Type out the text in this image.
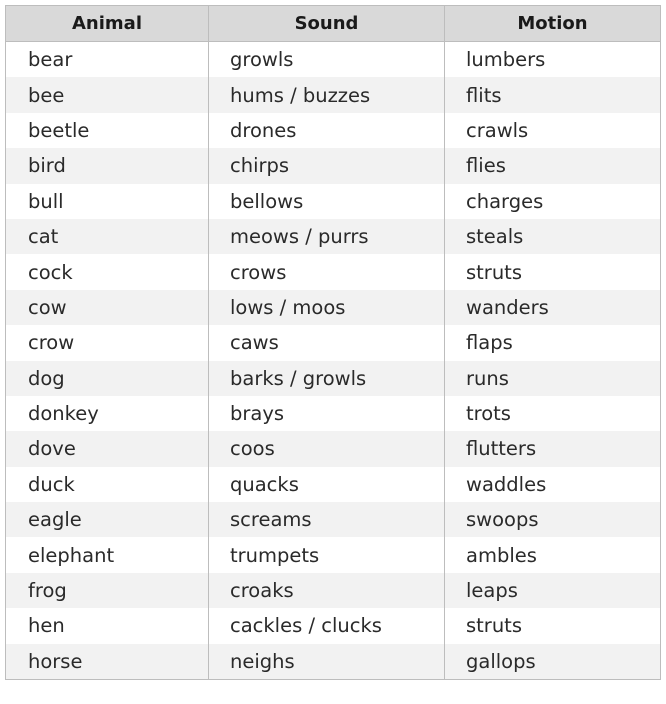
Animal	Sound	Motion
bear	growls	lumbers
bee	hums / buzzes	flits
beetle	drones	crawls
bird	chirps	flies
bull	bellows	charges
cat	meows / purrs	steals
cock	crows	struts
cow	lows / moos	wanders
crow	caws	flaps
dog	barks / growls	runs
donkey	brays	trots
dove	coos	flutters
duck	quacks	waddles
eagle	screams	swoops
elephant	trumpets	ambles
frog	croaks	leaps
hen	cackles / clucks	struts
horse	neighs	gallops
